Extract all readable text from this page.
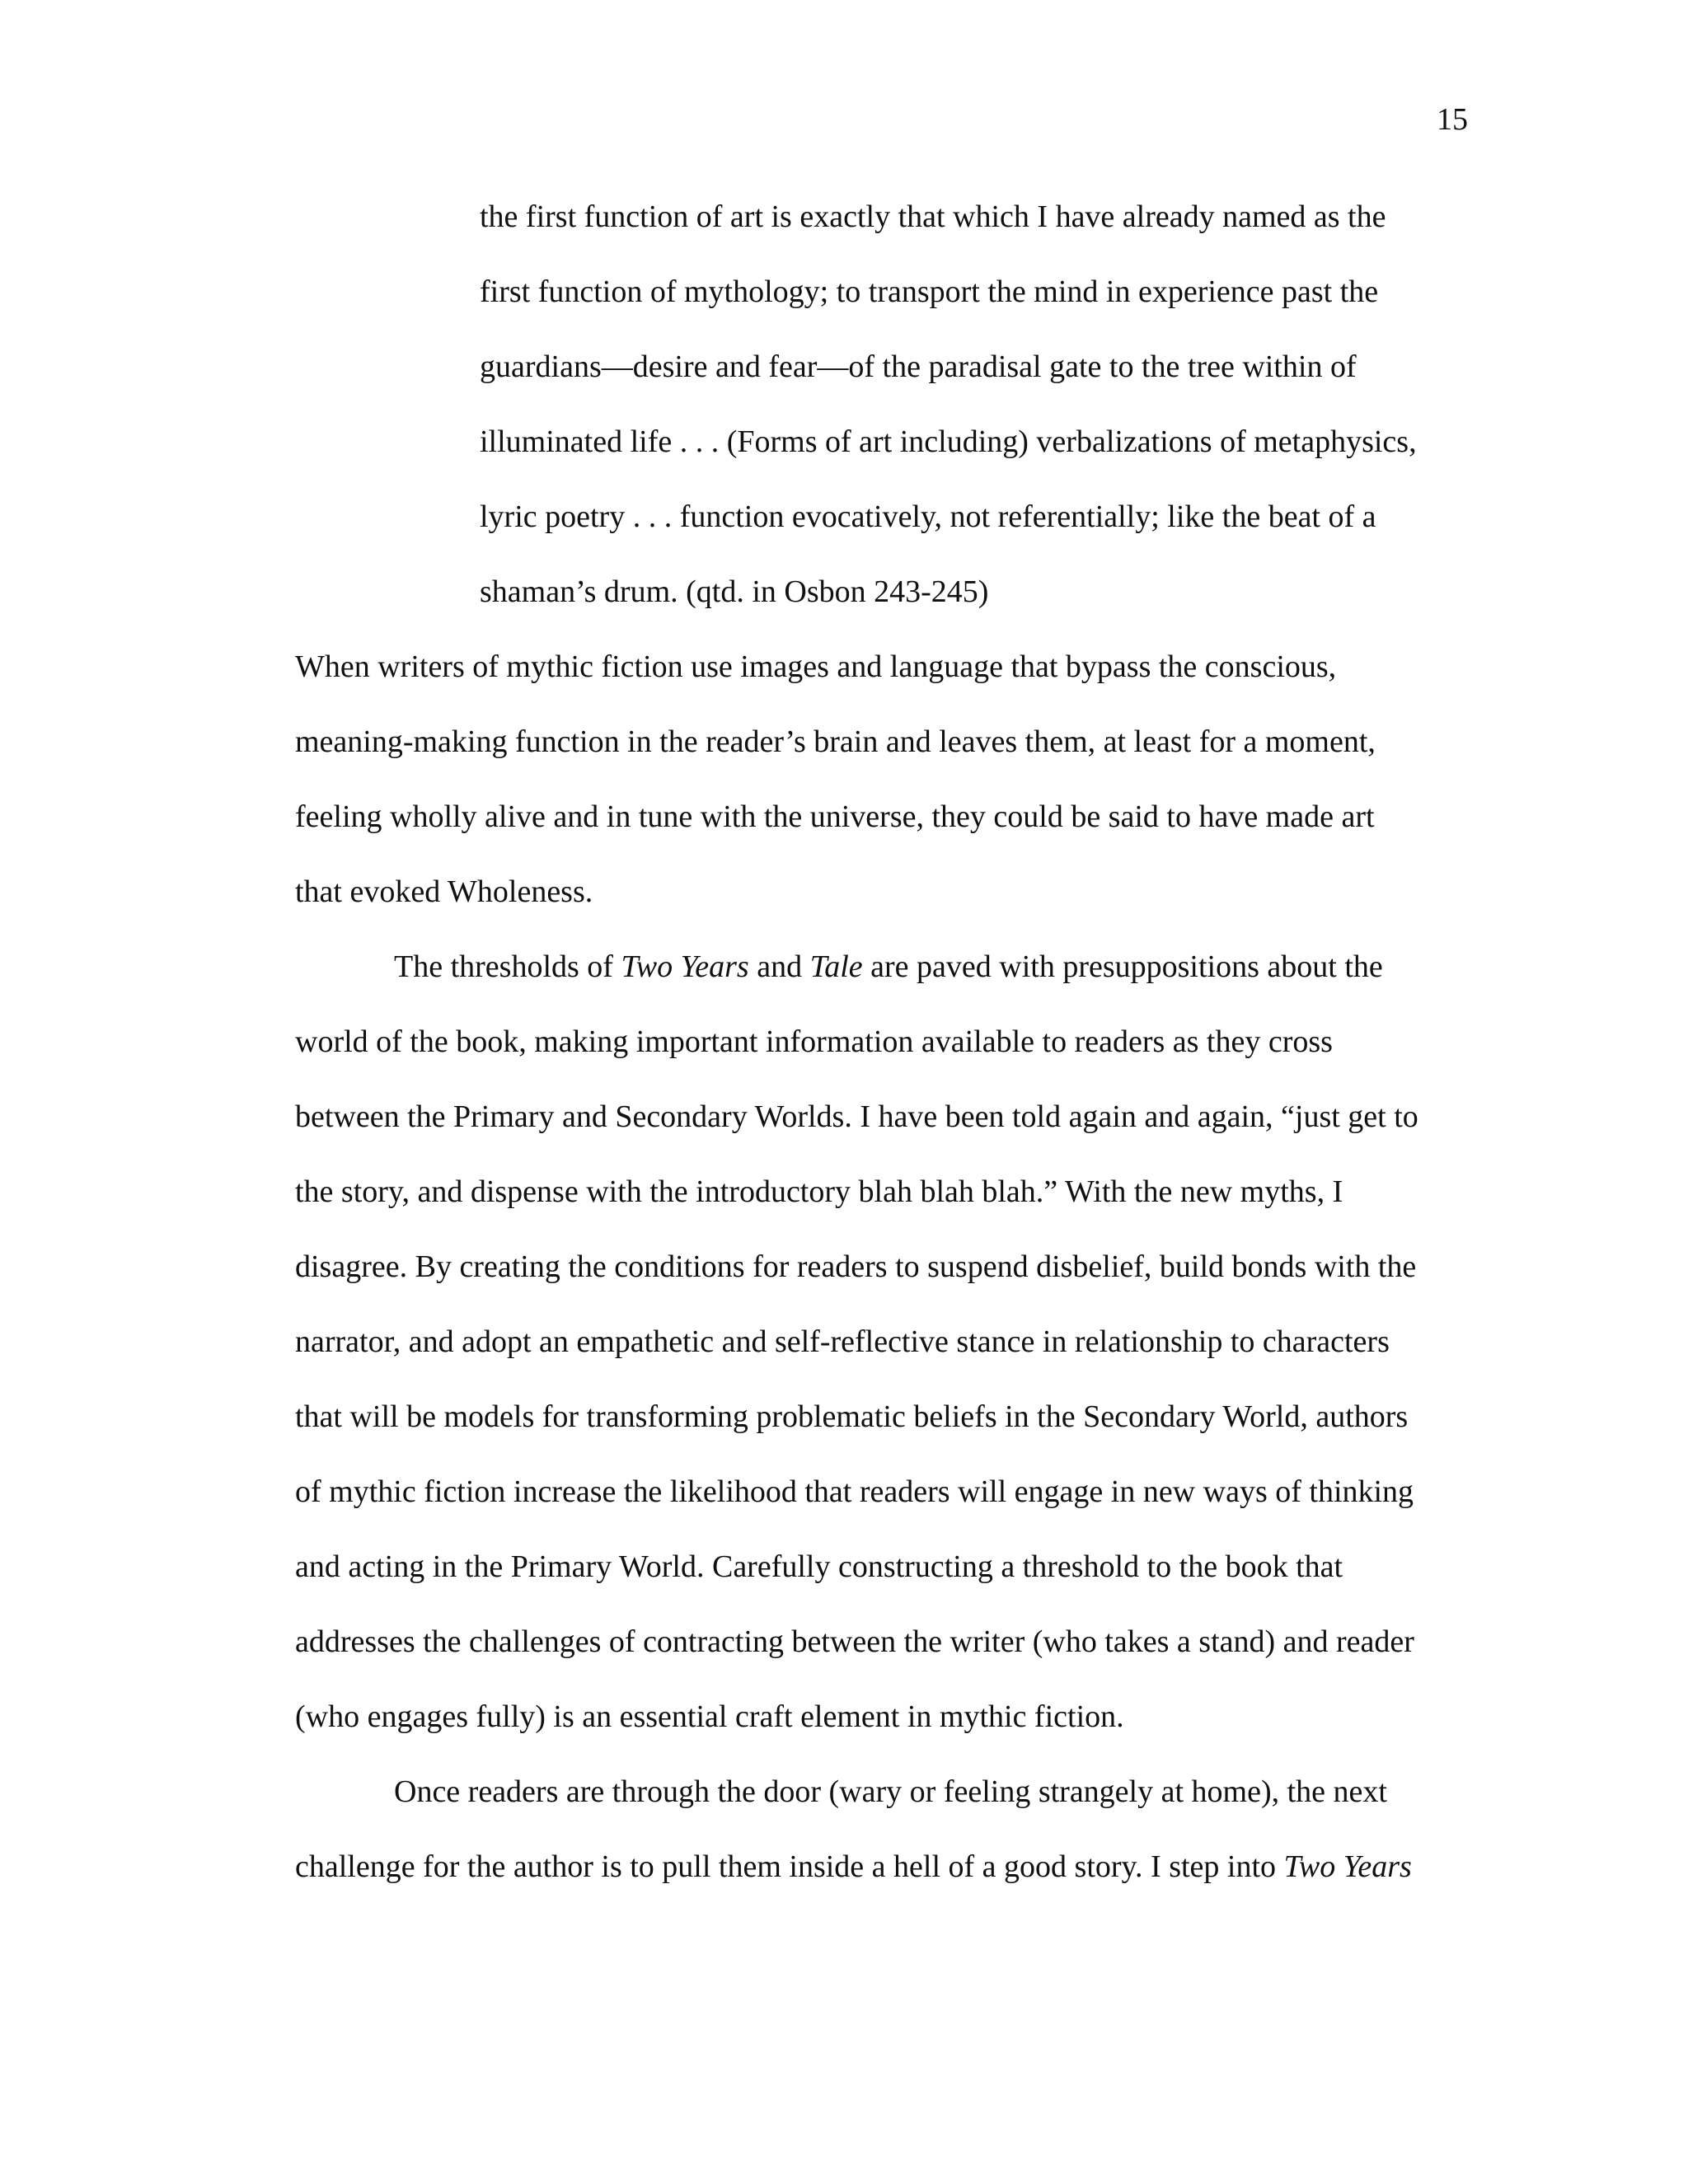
15
the first function of art is exactly that which I have already named as the
first function of mythology; to transport the mind in experience past the
guardians—desire and fear—of the paradisal gate to the tree within of
illuminated life . . . (Forms of art including) verbalizations of metaphysics,
lyric poetry . . . function evocatively, not referentially; like the beat of a
shaman’s drum. (qtd. in Osbon 243-245)
When writers of mythic fiction use images and language that bypass the conscious,
meaning-making function in the reader’s brain and leaves them, at least for a moment,
feeling wholly alive and in tune with the universe, they could be said to have made art
that evoked Wholeness.
The thresholds of Two Years and Tale are paved with presuppositions about the
world of the book, making important information available to readers as they cross
between the Primary and Secondary Worlds. I have been told again and again, “just get to
the story, and dispense with the introductory blah blah blah.” With the new myths, I
disagree. By creating the conditions for readers to suspend disbelief, build bonds with the
narrator, and adopt an empathetic and self-reflective stance in relationship to characters
that will be models for transforming problematic beliefs in the Secondary World, authors
of mythic fiction increase the likelihood that readers will engage in new ways of thinking
and acting in the Primary World. Carefully constructing a threshold to the book that
addresses the challenges of contracting between the writer (who takes a stand) and reader
(who engages fully) is an essential craft element in mythic fiction.
Once readers are through the door (wary or feeling strangely at home), the next
challenge for the author is to pull them inside a hell of a good story. I step into Two Years
